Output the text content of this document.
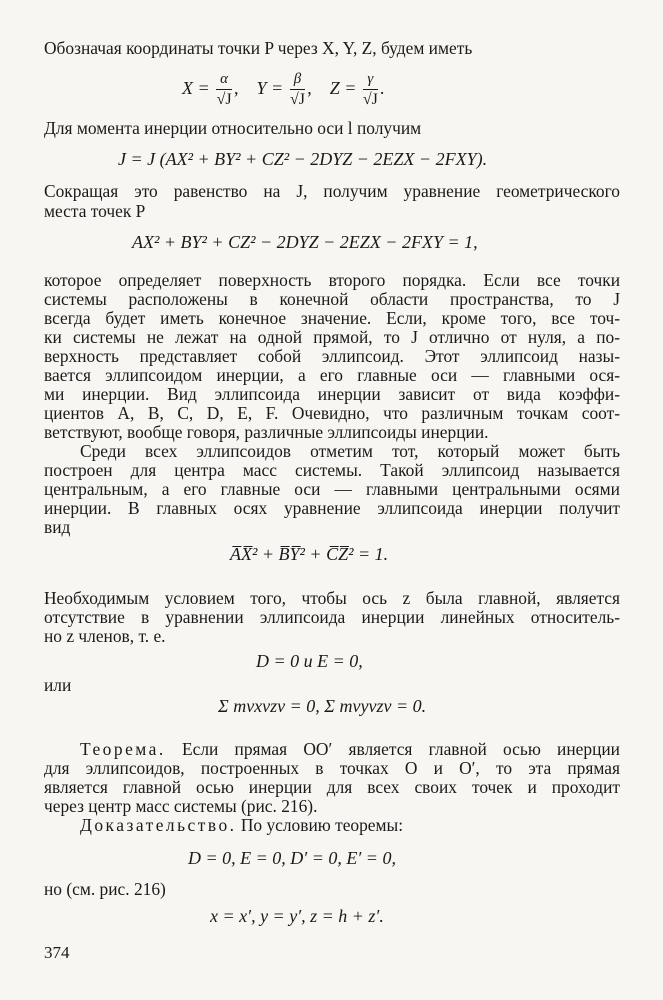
Обозначая координаты точки P через X, Y, Z, будем иметь
$X = \frac{\alpha}{√J}$ , $Y = \frac{\beta}{√J}$ , $Z = \frac{\gamma}{√J}$ .
Для момента инерции относительно оси l получим
J = J (AX² + BY² + CZ² − 2DYZ − 2EZX − 2FXY).
Сокращая это равенство на J, получим уравнение геометрического
места точек P
AX² + BY² + CZ² − 2DYZ − 2EZX − 2FXY = 1,
которое определяет поверхность второго порядка. Если все точки
системы расположены в конечной области пространства, то J
всегда будет иметь конечное значение. Если, кроме того, все точ-
ки системы не лежат на одной прямой, то J отлично от нуля, а по-
верхность представляет собой эллипсоид. Этот эллипсоид назы-
вается эллипсоидом инерции, а его главные оси — главными ося-
ми инерции. Вид эллипсоида инерции зависит от вида коэффи-
циентов A, B, C, D, E, F. Очевидно, что различным точкам соот-
ветствуют, вообще говоря, различные эллипсоиды инерции.
Среди всех эллипсоидов отметим тот, который может быть
построен для центра масс системы. Такой эллипсоид называется
центральным, а его главные оси — главными центральными осями
инерции. В главных осях уравнение эллипсоида инерции получит
вид
A̅X̅² + B̅Y̅² + C̅Z̅² = 1.
Необходимым условием того, чтобы ось z была главной, является
отсутствие в уравнении эллипсоида инерции линейных относитель-
но z членов, т. е.
D = 0 и E = 0,
или
Σ mνxνzν = 0, Σ mνyνzν = 0.
Теорема. Если прямая OO′ является главной осью инерции
для эллипсоидов, построенных в точках O и O′, то эта прямая
является главной осью инерции для всех своих точек и проходит
через центр масс системы (рис. 216).
Доказательство. По условию теоремы:
D = 0, E = 0, D′ = 0, E′ = 0,
но (см. рис. 216)
x = x′, y = y′, z = h + z′.
374
